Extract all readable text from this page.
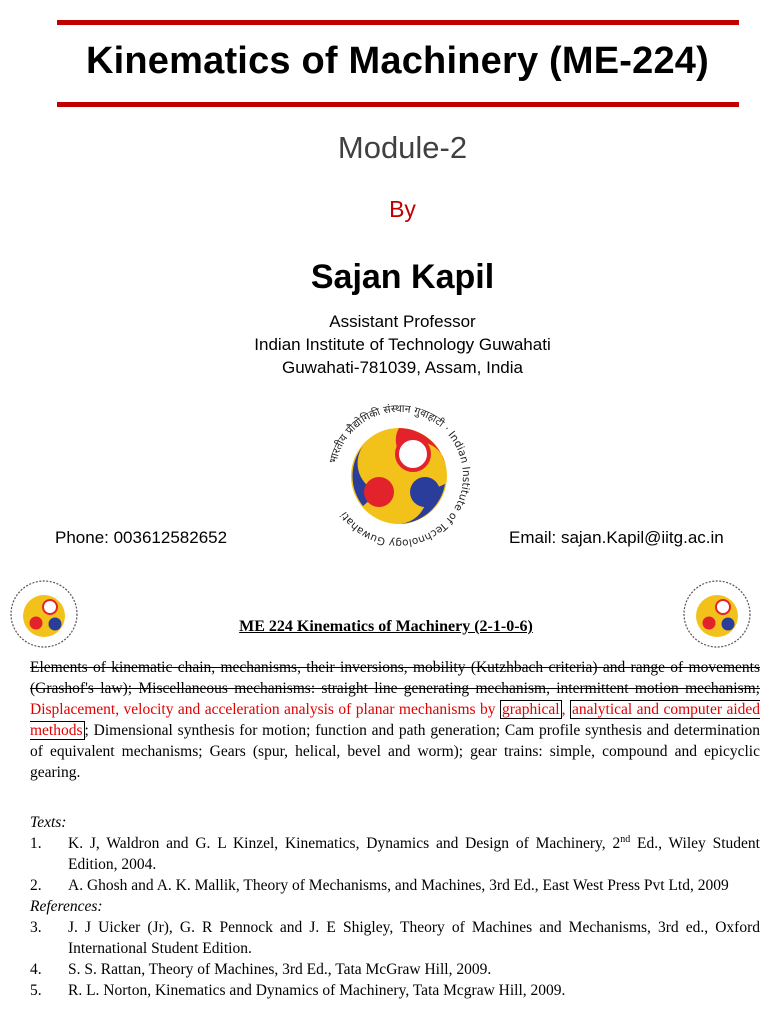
Kinematics of Machinery (ME-224)
Module-2
By
Sajan Kapil
Assistant Professor
Indian Institute of Technology Guwahati
Guwahati-781039, Assam, India
भारतीय प्रौद्योगिकी संस्थान गुवाहाटी · Indian Institute of Technology Guwahati
Phone: 003612582652	Email: sajan.Kapil@iitg.ac.in
ME 224 Kinematics of Machinery (2-1-0-6)
Elements of kinematic chain, mechanisms, their inversions, mobility (Kutzhbach criteria) and range of movements (Grashof's law); Miscellaneous mechanisms: straight line generating mechanism, intermittent motion mechanism; Displacement, velocity and acceleration analysis of planar mechanisms by graphical , analytical and computer aided methods ; Dimensional synthesis for motion; function and path generation; Cam profile synthesis and determination of equivalent mechanisms; Gears (spur, helical, bevel and worm); gear trains: simple, compound and epicyclic gearing.
Texts:
1.	K. J, Waldron and G. L Kinzel, Kinematics, Dynamics and Design of Machinery, 2nd Ed., Wiley Student Edition, 2004.
2.	A. Ghosh and A. K. Mallik, Theory of Mechanisms, and Machines, 3rd Ed., East West Press Pvt Ltd, 2009
References:
3.	J. J Uicker (Jr), G. R Pennock and J. E Shigley, Theory of Machines and Mechanisms, 3rd ed., Oxford International Student Edition.
4.	S. S. Rattan, Theory of Machines, 3rd Ed., Tata McGraw Hill, 2009.
5.	R. L. Norton, Kinematics and Dynamics of Machinery, Tata Mcgraw Hill, 2009.
